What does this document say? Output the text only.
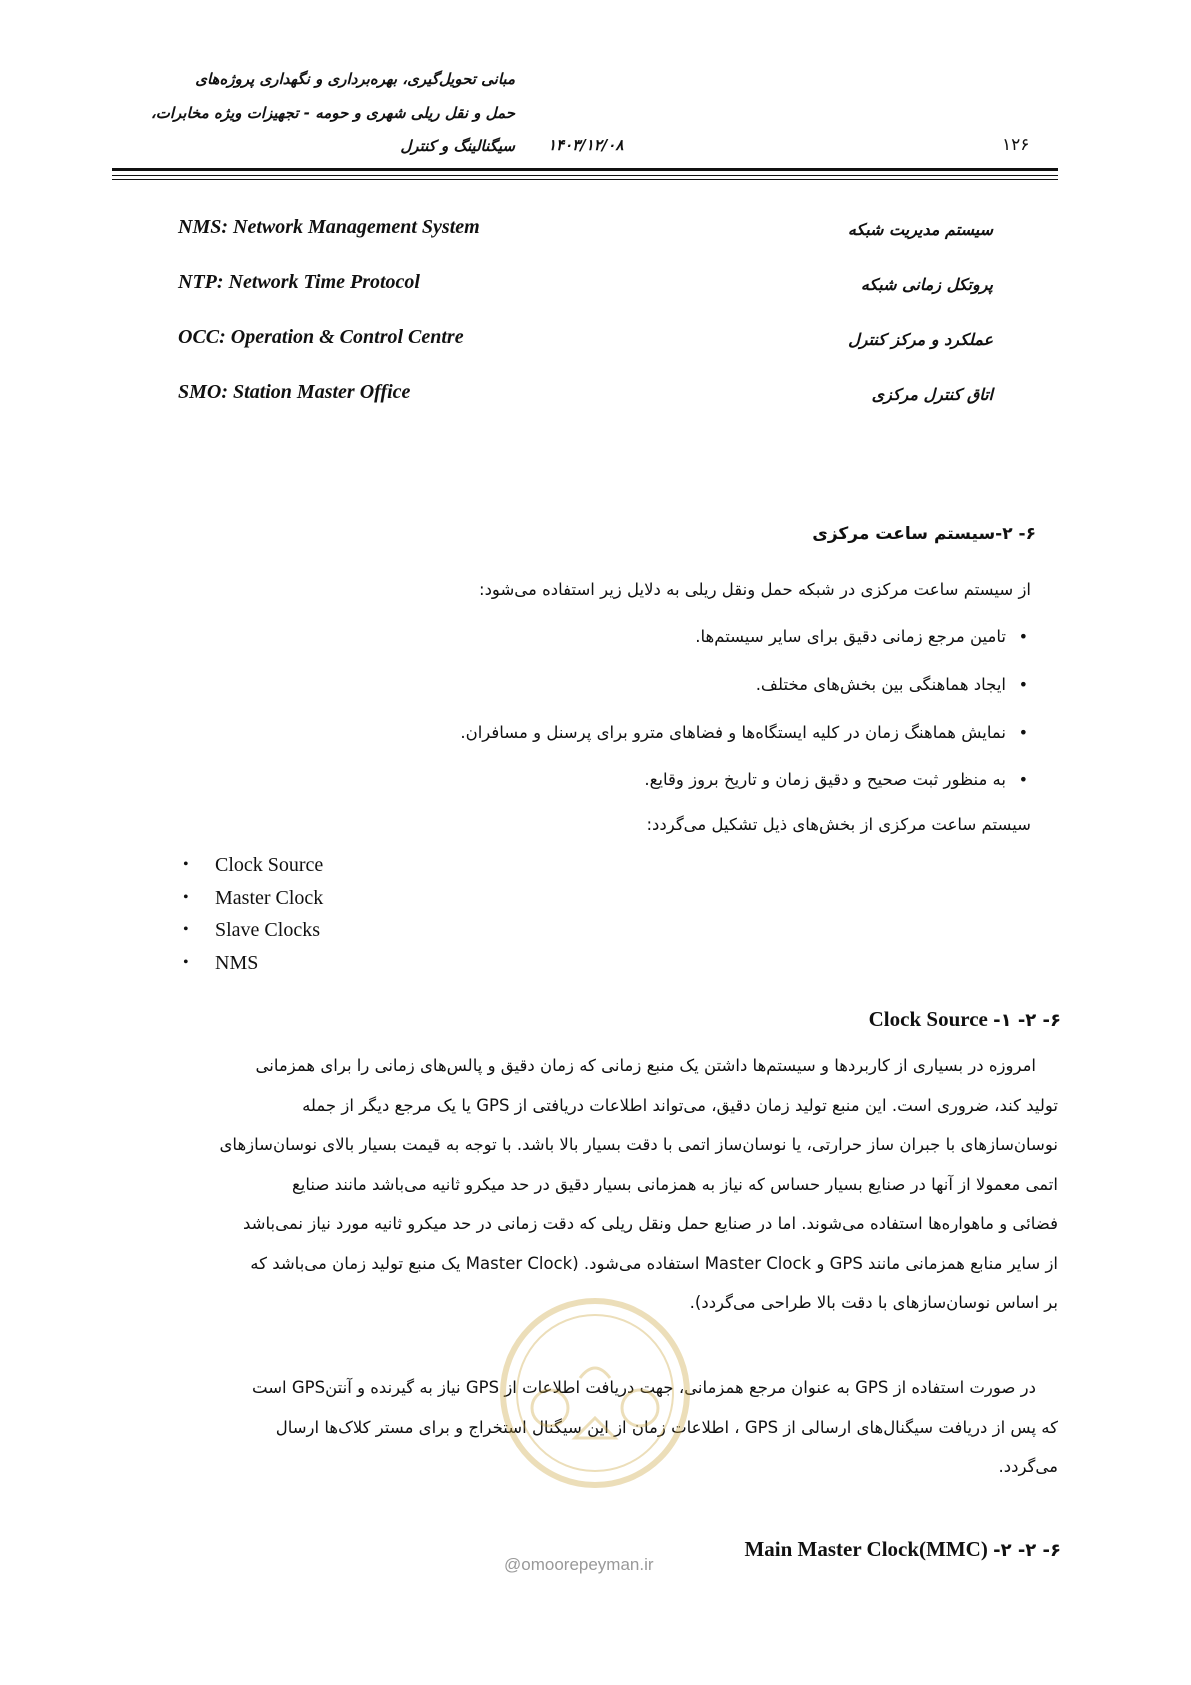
مبانی تحویل‌گیری، بهره‌برداری و نگهداری پروژه‌های
حمل و نقل ریلی شهری و حومه - تجهیزات ویژه مخابرات،
سیگنالینگ و کنترل ۱۴۰۳/۱۲/۰۸	۱۲۶
NMS: Network Management System	سیستم مدیریت شبکه
NTP: Network Time Protocol	پروتکل زمانی شبکه
OCC: Operation & Control Centre	عملکرد و مرکز کنترل
SMO: Station Master Office	اتاق کنترل مرکزی
۶- ۲-سیستم ساعت مرکزی
از سیستم ساعت مرکزی در شبکه حمل ونقل ریلی به دلایل زیر استفاده می‌شود:
• تامین مرجع زمانی دقیق برای سایر سیستم‌ها.
• ایجاد هماهنگی بین بخش‌های مختلف.
• نمایش هماهنگ زمان در کلیه ایستگاه‌ها و فضاهای مترو برای پرسنل و مسافران.
• به منظور ثبت صحیح و دقیق زمان و تاریخ بروز وقایع.
سیستم ساعت مرکزی از بخش‌های ذیل تشکیل می‌گردد:
• Clock Source
• Master Clock
• Slave Clocks
• NMS
Clock Source -۱ -۲ -۶
امروزه در بسیاری از کاربردها و سیستم‌ها داشتن یک منبع زمانی که زمان دقیق و پالس‌های زمانی را برای همزمانی
تولید کند، ضروری است. این منبع تولید زمان دقیق، می‌تواند اطلاعات دریافتی از GPS یا یک مرجع دیگر از جمله
نوسان‌سازهای با جبران ساز حرارتی، یا نوسان‌ساز اتمی با دقت بسیار بالا باشد. با توجه به قیمت بسیار بالای نوسان‌سازهای
اتمی معمولا از آنها در صنایع بسیار حساس که نیاز به همزمانی بسیار دقیق در حد میکرو ثانیه می‌باشد مانند صنایع
فضائی و ماهواره‌ها استفاده می‌شوند. اما در صنایع حمل ونقل ریلی که دقت زمانی در حد میکرو ثانیه مورد نیاز نمی‌باشد
از سایر منابع همزمانی مانند GPS و Master Clock استفاده می‌شود. (Master Clock یک منبع تولید زمان می‌باشد که
بر اساس نوسان‌سازهای با دقت بالا طراحی می‌گردد).
در صورت استفاده از GPS به عنوان مرجع همزمانی، جهت دریافت اطلاعات از GPS نیاز به گیرنده و آنتنGPS است
که پس از دریافت سیگنال‌های ارسالی از GPS ، اطلاعات زمان از این سیگنال استخراج و برای مستر کلاک‌ها ارسال
می‌گردد.
Main Master Clock(MMC) -۲ -۲ -۶
@omoorepeyman.ir
